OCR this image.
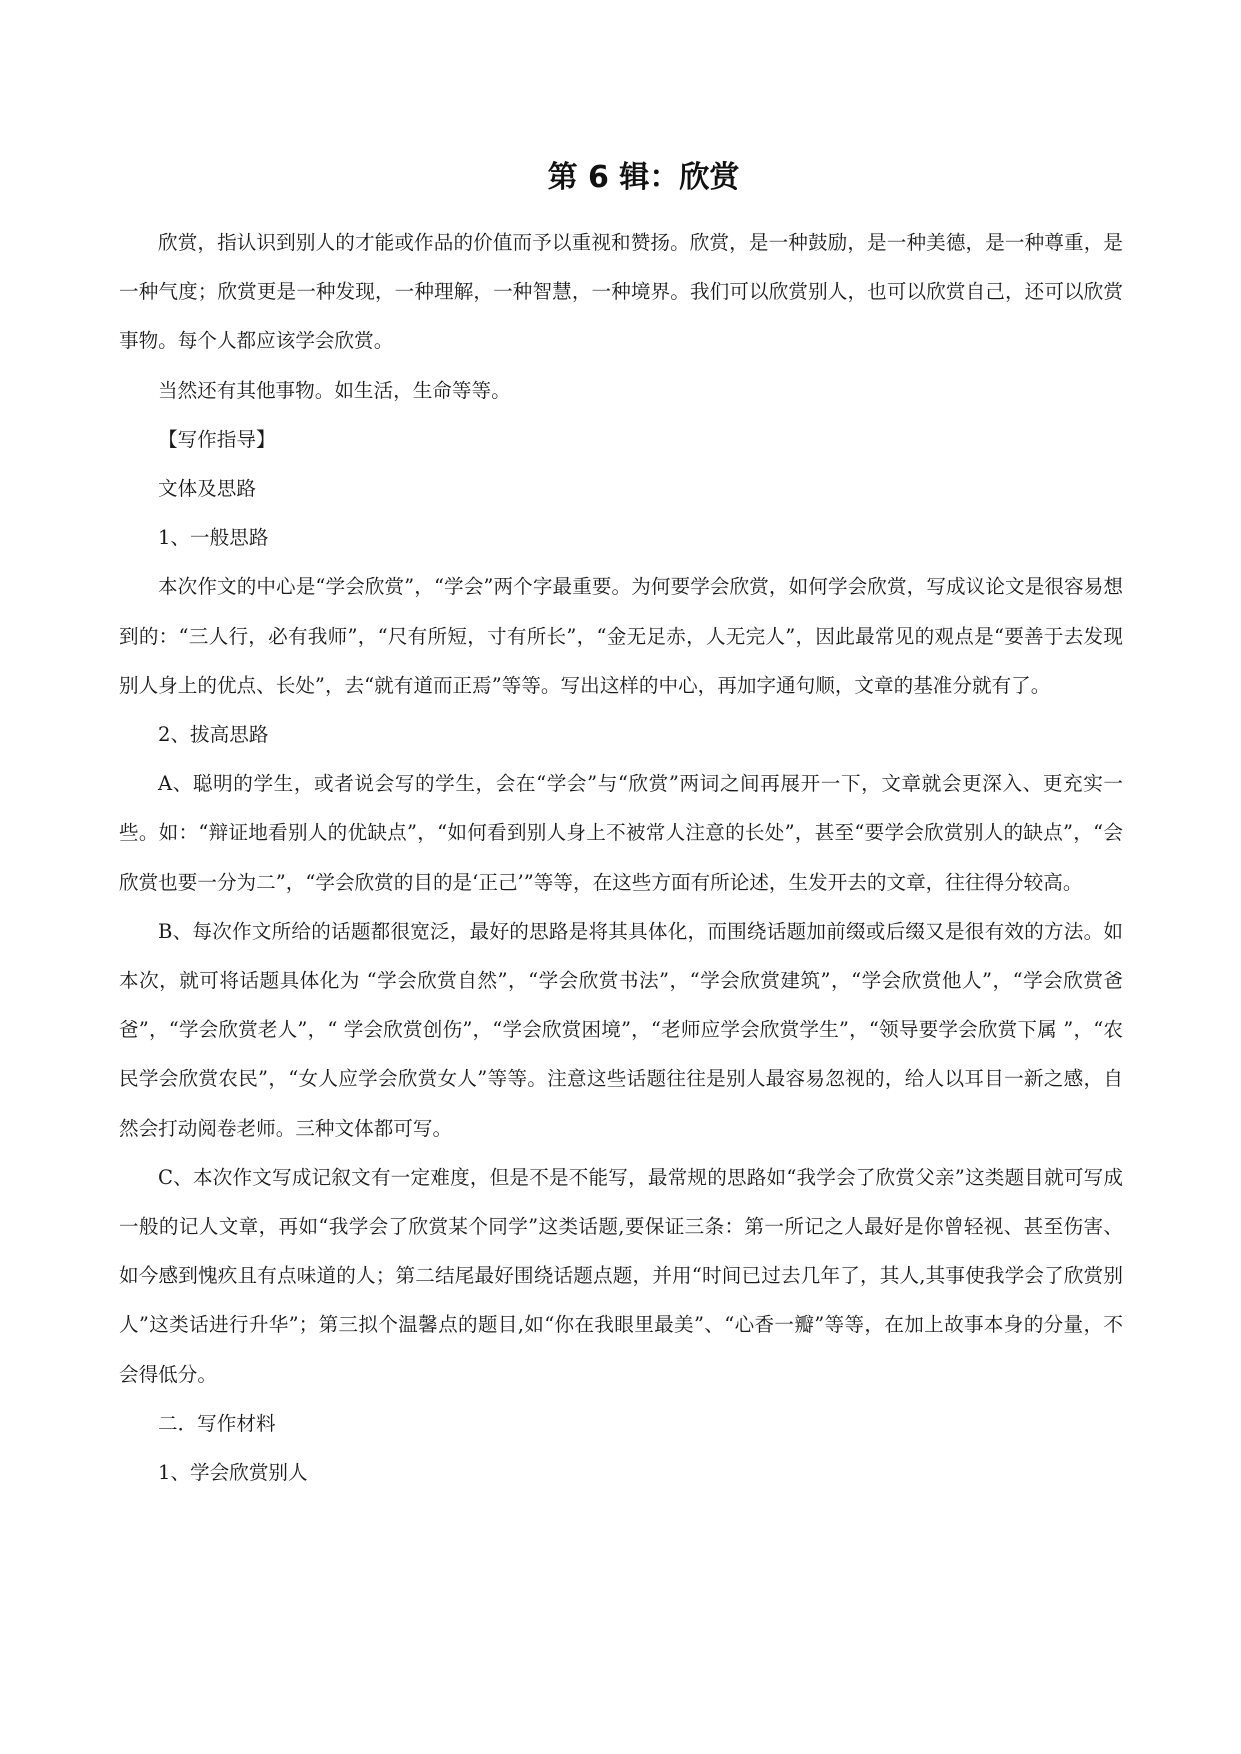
第 6 辑：欣赏

欣赏，指认识到别人的才能或作品的价值而予以重视和赞扬。欣赏，是一种鼓励，是一种美德，是一种尊重，是一种气度；欣赏更是一种发现，一种理解，一种智慧，一种境界。我们可以欣赏别人，也可以欣赏自己，还可以欣赏事物。每个人都应该学会欣赏。

当然还有其他事物。如生活，生命等等。

【写作指导】

文体及思路

1、一般思路

本次作文的中心是“学会欣赏”，“学会”两个字最重要。为何要学会欣赏，如何学会欣赏，写成议论文是很容易想到的：“三人行，必有我师”，“尺有所短，寸有所长”，“金无足赤，人无完人”，因此最常见的观点是“要善于去发现别人身上的优点、长处”，去“就有道而正焉”等等。写出这样的中心，再加字通句顺，文章的基准分就有了。

2、拔高思路

A、聪明的学生，或者说会写的学生，会在“学会”与“欣赏”两词之间再展开一下，文章就会更深入、更充实一些。如：“辩证地看别人的优缺点”，“如何看到别人身上不被常人注意的长处”，甚至“要学会欣赏别人的缺点”，“会欣赏也要一分为二”，“学会欣赏的目的是‘正己’”等等，在这些方面有所论述，生发开去的文章，往往得分较高。

B、每次作文所给的话题都很宽泛，最好的思路是将其具体化，而围绕话题加前缀或后缀又是很有效的方法。如本次，就可将话题具体化为 “学会欣赏自然”，“学会欣赏书法”，“学会欣赏建筑”，“学会欣赏他人”，“学会欣赏爸爸”，“学会欣赏老人”，“ 学会欣赏创伤”，“学会欣赏困境”，“老师应学会欣赏学生”，“领导要学会欣赏下属 ”，“农民学会欣赏农民”，“女人应学会欣赏女人”等等。注意这些话题往往是别人最容易忽视的，给人以耳目一新之感，自然会打动阅卷老师。三种文体都可写。

C、本次作文写成记叙文有一定难度，但是不是不能写，最常规的思路如“我学会了欣赏父亲”这类题目就可写成一般的记人文章，再如“我学会了欣赏某个同学”这类话题,要保证三条：第一所记之人最好是你曾轻视、甚至伤害、如今感到愧疚且有点味道的人；第二结尾最好围绕话题点题，并用“时间已过去几年了，其人,其事使我学会了欣赏别人”这类话进行升华”；第三拟个温馨点的题目,如“你在我眼里最美”、“心香一瓣”等等，在加上故事本身的分量，不会得低分。

二．写作材料

1、学会欣赏别人
